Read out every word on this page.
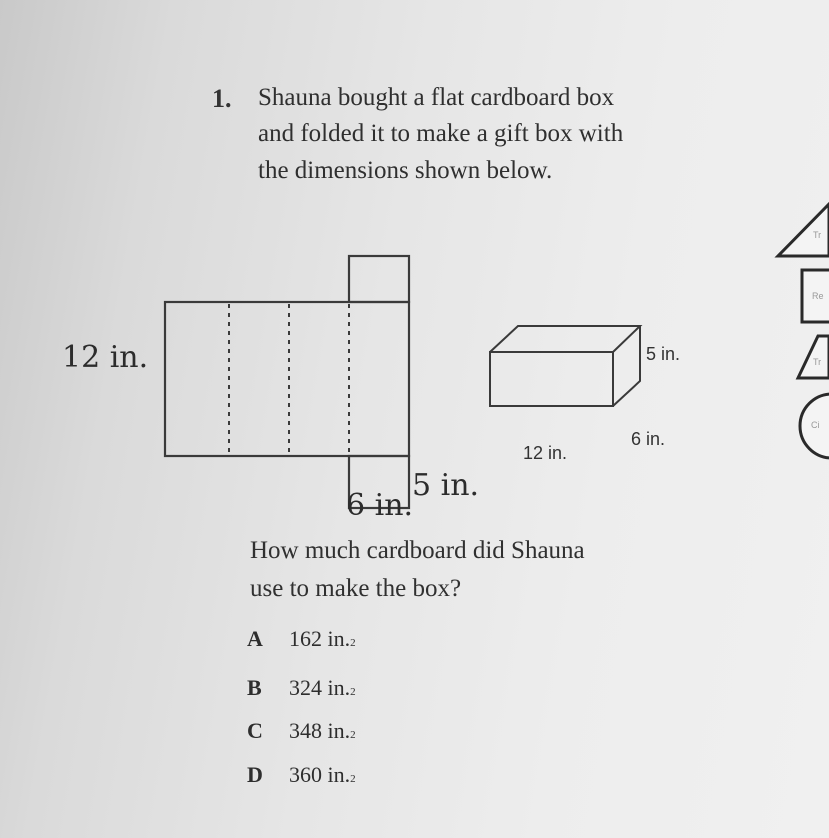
1. Shauna bought a flat cardboard box
and folded it to make a gift box with
the dimensions shown below.
12 in.
5 in.
6 in.
5 in.
6 in.
12 in.
How much cardboard did Shauna
use to make the box?
A	162 in. 2
B	324 in. 2
C	348 in. 2
D	360 in. 2
Tr
Re
Tr
Ci
